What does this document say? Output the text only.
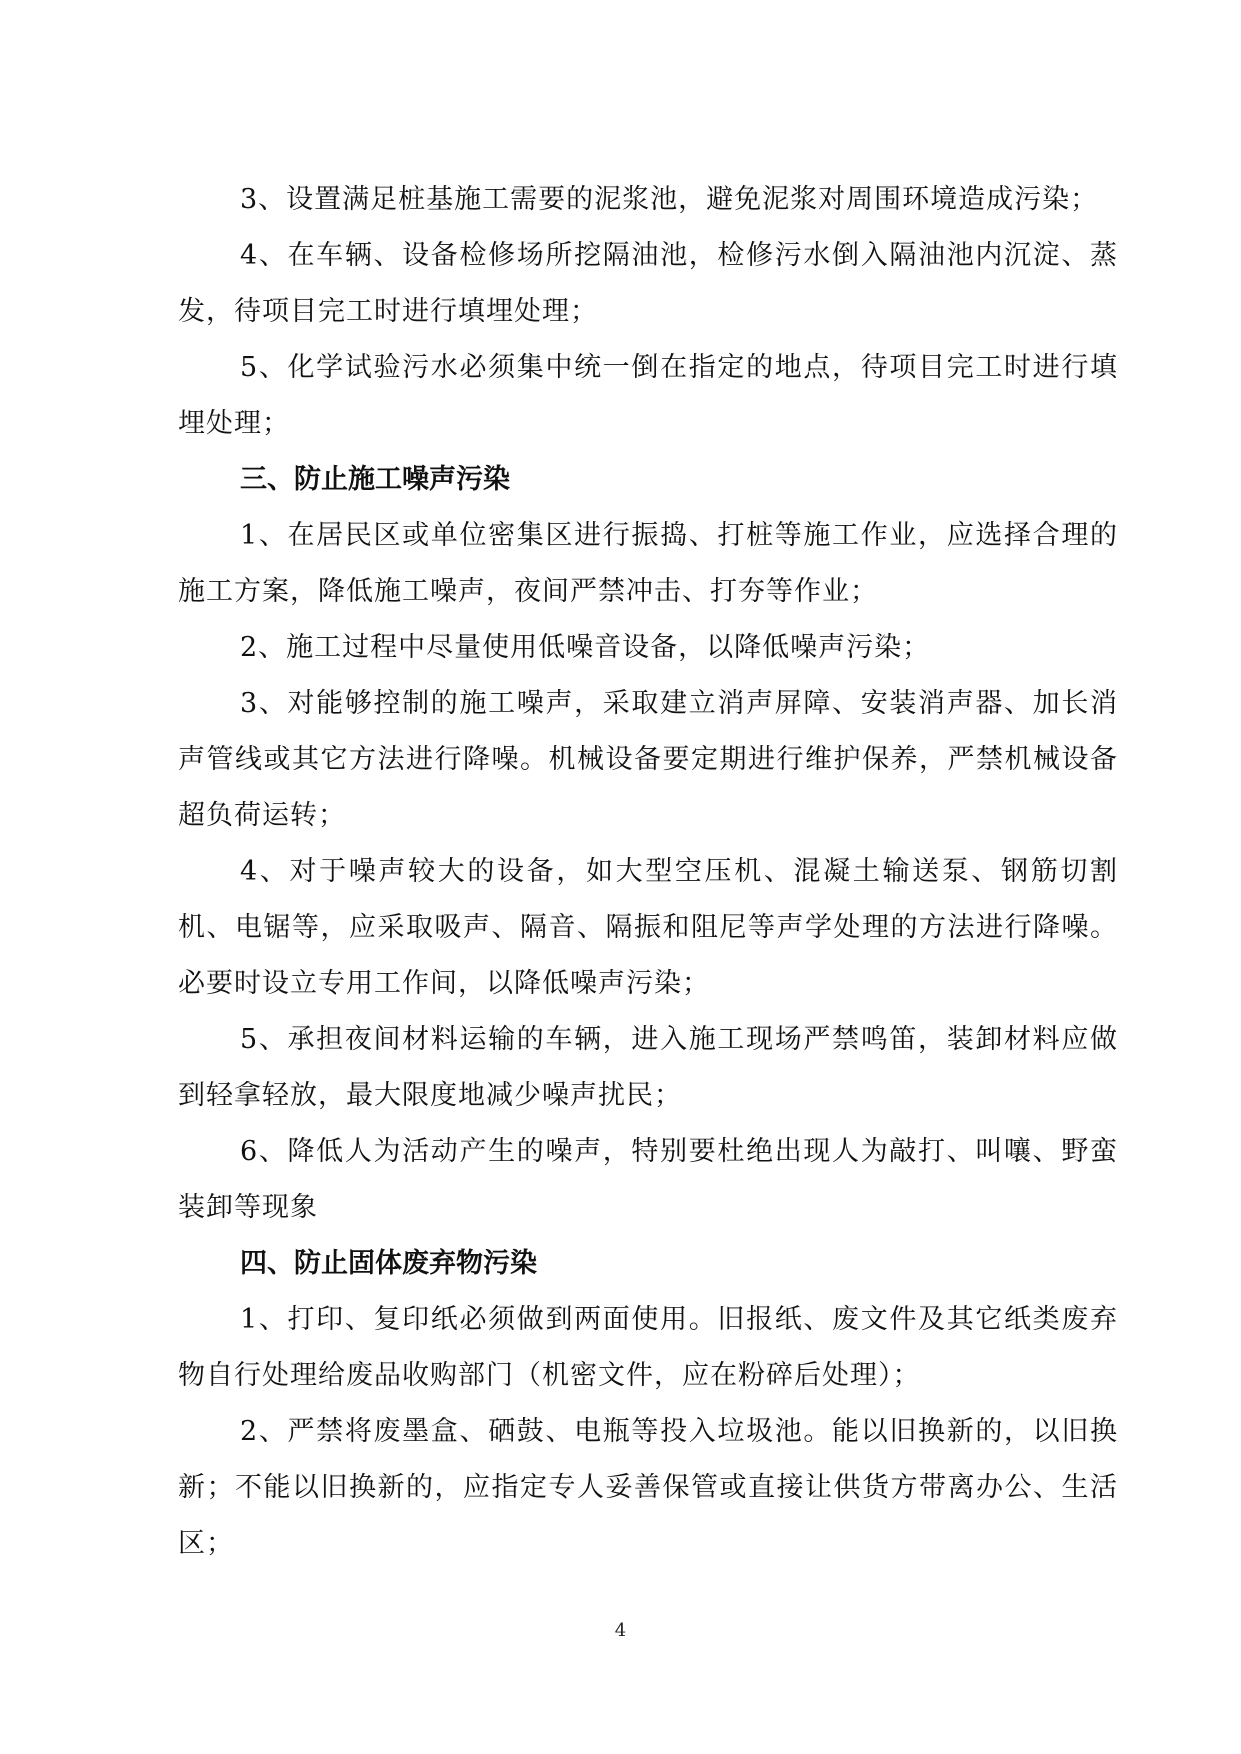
3、设置满足桩基施工需要的泥浆池，避免泥浆对周围环境造成污染；

4、在车辆、设备检修场所挖隔油池，检修污水倒入隔油池内沉淀、蒸发，待项目完工时进行填埋处理；

5、化学试验污水必须集中统一倒在指定的地点，待项目完工时进行填埋处理；

三、防止施工噪声污染

1、在居民区或单位密集区进行振捣、打桩等施工作业，应选择合理的施工方案，降低施工噪声，夜间严禁冲击、打夯等作业；

2、施工过程中尽量使用低噪音设备，以降低噪声污染；

3、对能够控制的施工噪声，采取建立消声屏障、安装消声器、加长消声管线或其它方法进行降噪。机械设备要定期进行维护保养，严禁机械设备超负荷运转；

4、对于噪声较大的设备，如大型空压机、混凝土输送泵、钢筋切割机、电锯等，应采取吸声、隔音、隔振和阻尼等声学处理的方法进行降噪。必要时设立专用工作间，以降低噪声污染；

5、承担夜间材料运输的车辆，进入施工现场严禁鸣笛，装卸材料应做到轻拿轻放，最大限度地减少噪声扰民；

6、降低人为活动产生的噪声，特别要杜绝出现人为敲打、叫嚷、野蛮装卸等现象

四、防止固体废弃物污染

1、打印、复印纸必须做到两面使用。旧报纸、废文件及其它纸类废弃物自行处理给废品收购部门（机密文件，应在粉碎后处理）；

2、严禁将废墨盒、硒鼓、电瓶等投入垃圾池。能以旧换新的，以旧换新；不能以旧换新的，应指定专人妥善保管或直接让供货方带离办公、生活区；

4
